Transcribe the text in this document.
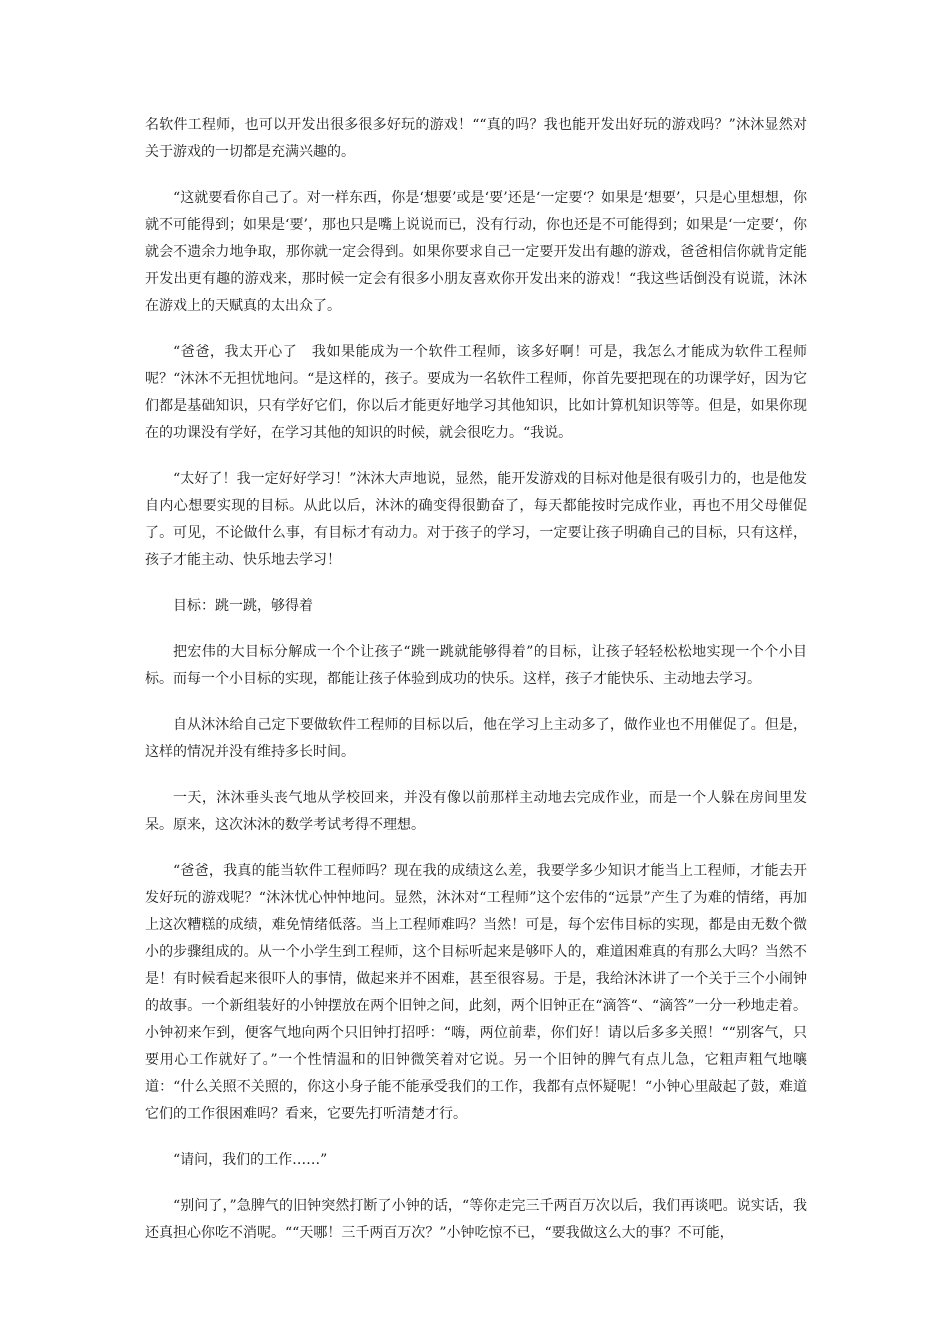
名软件工程师，也可以开发出很多很多好玩的游戏！““真的吗？我也能开发出好玩的游戏吗？”沐沐显然对关于游戏的一切都是充满兴趣的。

“这就要看你自己了。对一样东西，你是‘想要’或是‘要’还是‘一定要‘？如果是‘想要’，只是心里想想，你就不可能得到；如果是‘要’，那也只是嘴上说说而已，没有行动，你也还是不可能得到；如果是‘一定要‘，你就会不遗余力地争取，那你就一定会得到。如果你要求自己一定要开发出有趣的游戏，爸爸相信你就肯定能开发出更有趣的游戏来，那时候一定会有很多小朋友喜欢你开发出来的游戏！“我这些话倒没有说谎，沐沐在游戏上的天赋真的太出众了。

“爸爸，我太开心了　我如果能成为一个软件工程师，该多好啊！可是，我怎么才能成为软件工程师呢？“沐沐不无担忧地问。“是这样的，孩子。要成为一名软件工程师，你首先要把现在的功课学好，因为它们都是基础知识，只有学好它们，你以后才能更好地学习其他知识，比如计算机知识等等。但是，如果你现在的功课没有学好，在学习其他的知识的时候，就会很吃力。“我说。

“太好了！我一定好好学习！”沐沐大声地说，显然，能开发游戏的目标对他是很有吸引力的，也是他发自内心想要实现的目标。从此以后，沐沐的确变得很勤奋了，每天都能按时完成作业，再也不用父母催促了。可见，不论做什么事，有目标才有动力。对于孩子的学习，一定要让孩子明确自己的目标，只有这样，孩子才能主动、快乐地去学习！

目标：跳一跳，够得着

把宏伟的大目标分解成一个个让孩子“跳一跳就能够得着”的目标，让孩子轻轻松松地实现一个个小目标。而每一个小目标的实现，都能让孩子体验到成功的快乐。这样，孩子才能快乐、主动地去学习。

自从沐沐给自己定下要做软件工程师的目标以后，他在学习上主动多了，做作业也不用催促了。但是，这样的情况并没有维持多长时间。

一天，沐沐垂头丧气地从学校回来，并没有像以前那样主动地去完成作业，而是一个人躲在房间里发呆。原来，这次沐沐的数学考试考得不理想。

“爸爸，我真的能当软件工程师吗？现在我的成绩这么差，我要学多少知识才能当上工程师，才能去开发好玩的游戏呢？“沐沐忧心忡忡地问。显然，沐沐对“工程师”这个宏伟的“远景”产生了为难的情绪，再加上这次糟糕的成绩，难免情绪低落。当上工程师难吗？当然！可是，每个宏伟目标的实现，都是由无数个微小的步骤组成的。从一个小学生到工程师，这个目标听起来是够吓人的，难道困难真的有那么大吗？当然不是！有时候看起来很吓人的事情，做起来并不困难，甚至很容易。于是，我给沐沐讲了一个关于三个小闹钟的故事。一个新组装好的小钟摆放在两个旧钟之间，此刻，两个旧钟正在“滴答“、“滴答”一分一秒地走着。小钟初来乍到，便客气地向两个只旧钟打招呼：“嗨，两位前辈，你们好！请以后多多关照！““别客气，只要用心工作就好了。”一个性情温和的旧钟微笑着对它说。另一个旧钟的脾气有点儿急，它粗声粗气地嚷道：“什么关照不关照的，你这小身子能不能承受我们的工作，我都有点怀疑呢！“小钟心里敲起了鼓，难道它们的工作很困难吗？看来，它要先打听清楚才行。

“请问，我们的工作……”

“别问了，”急脾气的旧钟突然打断了小钟的话，“等你走完三千两百万次以后，我们再谈吧。说实话，我还真担心你吃不消呢。““天哪！三千两百万次？”小钟吃惊不已，“要我做这么大的事？不可能，
